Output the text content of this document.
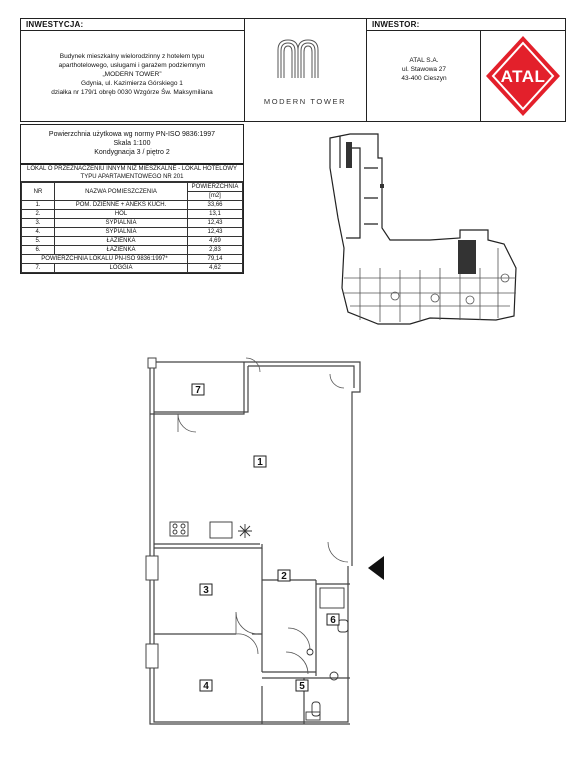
INWESTYCJA:
Budynek mieszkalny wielorodzinny z hotelem typu
aparthotelowego, usługami i garażem podziemnym
„MODERN TOWER”
Gdynia, ul. Kazimierza Górskiego 1
działka nr 179/1 obręb 0030 Wzgórze Św. Maksymiliana
MODERN TOWER
INWESTOR:
ATAL S.A.
ul. Stawowa 27
43-400 Cieszyn	ATAL
Powierzchnia użytkowa wg normy PN-ISO 9836:1997
Skala 1:100
Kondygnacja 3 / piętro 2
LOKAL O PRZEZNACZENIU INNYM NIŻ MIESZKALNE - LOKAL HOTELOWY
TYPU APARTAMENTOWEGO NR 201
NR	NAZWA POMIESZCZENIA	POWIERZCHNIA
		[m2]
1.	POM. DZIENNE + ANEKS KUCH.	33,66
2.	HOL	13,1
3.	SYPIALNIA	12,43
4.	SYPIALNIA	12,43
5.	ŁAZIENKA	4,69
6.	ŁAZIENKA	2,83
POWIERZCHNIA LOKALU PN-ISO 9836:1997*		79,14
7.	LOGGIA	4,62
1
2
3
4	5
6
7
